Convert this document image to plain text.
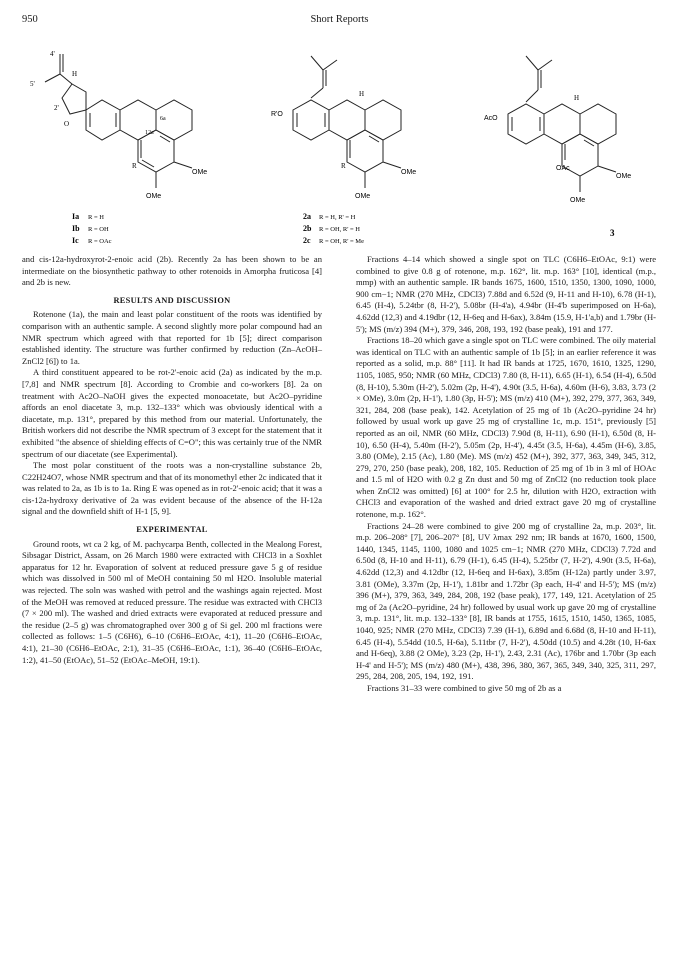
950	Short Reports
5'
4'
H
O
2'
6a
12a
R
OMe
OMe
Ia R = H
Ib R = OH
Ic R = OAc
R'O
H
R
OMe
OMe
2a R = H, R' = H
2b R = OH, R' = H
2c R = OH, R' = Me
AcO
H
OAc
OMe
OMe
3

and cis-12a-hydroxyrot-2-enoic acid (2b). Recently 2a has been shown to be an intermediate on the biosynthetic pathway to other rotenoids in Amorpha fruticosa [4] and 2b is new.

RESULTS AND DISCUSSION

Rotenone (1a), the main and least polar constituent of the roots was identified by comparison with an authentic sample. A second slightly more polar compound had an NMR spectrum which agreed with that reported for 1b [5]; direct comparison established identity. The structure was further confirmed by reduction (Zn–AcOH–ZnCl2 [6]) to 1a.

A third constituent appeared to be rot-2'-enoic acid (2a) as indicated by the m.p. [7,8] and NMR spectrum [8]. According to Crombie and co-workers [8]. 2a on treatment with Ac2O–NaOH gives the expected monoacetate, but Ac2O–pyridine affords an enol diacetate 3, m.p. 132–133° which was obviously identical with a diacetate, m.p. 131°, prepared by this method from our material. Unfortunately, the British workers did not describe the NMR spectrum of 3 except for the statement that it exhibited "the absence of shielding effects of C=O"; this was certainly true of the NMR spectrum of our diacetate (see Experimental).

The most polar constituent of the roots was a non-crystalline substance 2b, C22H24O7, whose NMR spectrum and that of its monomethyl ether 2c indicated that it was related to 2a, as 1b is to 1a. Ring E was opened as in rot-2'-enoic acid; that it was a cis-12a-hydroxy derivative of 2a was evident because of the absence of the H-12a signal and the downfield shift of H-1 [5, 9].

EXPERIMENTAL

Ground roots, wt ca 2 kg, of M. pachycarpa Benth, collected in the Mealong Forest, Sibsagar District, Assam, on 26 March 1980 were extracted with CHCl3 in a Soxhlet apparatus for 12 hr. Evaporation of solvent at reduced pressure gave 5 g of residue which was dissolved in 500 ml of MeOH containing 50 ml H2O. Insoluble material was rejected. The soln was washed with petrol and the washings again rejected. Most of the MeOH was removed at reduced pressure. The residue was extracted with CHCl3 (7 × 200 ml). The washed and dried extracts were evaporated at reduced pressure and the residue (2–5 g) was chromatographed over 300 g of Si gel. 200 ml fractions were collected as follows: 1–5 (C6H6), 6–10 (C6H6–EtOAc, 4:1), 11–20 (C6H6–EtOAc, 4:1), 21–30 (C6H6–EtOAc, 2:1), 31–35 (C6H6–EtOAc, 1:1), 36–40 (C6H6–EtOAc, 1:2), 41–50 (EtOAc), 51–52 (EtOAc–MeOH, 19:1).

Fractions 4–14 which showed a single spot on TLC (C6H6–EtOAc, 9:1) were combined to give 0.8 g of rotenone, m.p. 162°, lit. m.p. 163° [10], identical (m.p., mmp) with an authentic sample. IR bands 1675, 1600, 1510, 1350, 1300, 1090, 1000, 900 cm−1; NMR (270 MHz, CDCl3) 7.88d and 6.52d (9, H-11 and H-10), 6.78 (H-1), 6.45 (H-4), 5.24tbr (8, H-2'), 5.08br (H-4'a), 4.94br (H-4'b superimposed on H-6a), 4.62dd (12,3) and 4.19dbr (12, H-6eq and H-6ax), 3.84m (15.9, H-1'a,b) and 1.79br (H-5'); MS (m/z) 394 (M+), 379, 346, 208, 193, 192 (base peak), 191 and 177.

Fractions 18–20 which gave a single spot on TLC were combined. The oily material was identical on TLC with an authentic sample of 1b [5]; in an earlier reference it was reported as a solid, m.p. 88° [11]. It had IR bands at 1725, 1670, 1610, 1325, 1290, 1105, 1085, 950; NMR (60 MHz, CDCl3) 7.80 (8, H-11), 6.65 (H-1), 6.54 (H-4), 6.50d (8, H-10), 5.30m (H-2'), 5.02m (2p, H-4'), 4.90t (3.5, H-6a), 4.60m (H-6), 3.83, 3.73 (2 × OMe), 3.0m (2p, H-1'), 1.80 (3p, H-5'); MS (m/z) 410 (M+), 392, 279, 377, 363, 349, 321, 284, 208 (base peak), 142. Acetylation of 25 mg of 1b (Ac2O–pyridine 24 hr) followed by usual work up gave 25 mg of crystalline 1c, m.p. 151°, previously [5] reported as an oil, NMR (60 MHz, CDCl3) 7.90d (8, H-11), 6.90 (H-1), 6.50d (8, H-10), 6.50 (H-4), 5.40m (H-2'), 5.05m (2p, H-4'), 4.45t (3.5, H-6a), 4.45m (H-6), 3.85, 3.80 (OMe), 2.15 (Ac), 1.80 (Me). MS (m/z) 452 (M+), 392, 377, 363, 349, 345, 312, 279, 270, 250 (base peak), 208, 182, 105. Reduction of 25 mg of 1b in 3 ml of HOAc and 1.5 ml of H2O with 0.2 g Zn dust and 50 mg of ZnCl2 (no reduction took place when ZnCl2 was omitted) [6] at 100° for 2.5 hr, dilution with H2O, extraction with CHCl3 and evaporation of the washed and dried extract gave 20 mg of crystalline rotenone, m.p. 162°.

Fractions 24–28 were combined to give 200 mg of crystalline 2a, m.p. 203°, lit. m.p. 206–208° [7], 206–207° [8], UV λmax 292 nm; IR bands at 1670, 1600, 1500, 1440, 1345, 1145, 1100, 1080 and 1025 cm−1; NMR (270 MHz, CDCl3) 7.72d and 6.50d (8, H-10 and H-11), 6.79 (H-1), 6.45 (H-4), 5.25tbr (7, H-2'), 4.90t (3.5, H-6a), 4.62dd (12,3) and 4.12dbr (12, H-6eq and H-6ax), 3.85m (H-12a) partly under 3.97, 3.81 (OMe), 3.37m (2p, H-1'), 1.81br and 1.72br (3p each, H-4' and H-5'); MS (m/z) 396 (M+), 379, 363, 349, 284, 208, 192 (base peak), 177, 149, 121. Acetylation of 25 mg of 2a (Ac2O–pyridine, 24 hr) followed by usual work up gave 20 mg of crystalline 3, m.p. 131°, lit. m.p. 132–133° [8], IR bands at 1755, 1615, 1510, 1450, 1365, 1085, 1040, 925; NMR (270 MHz, CDCl3) 7.39 (H-1), 6.89d and 6.68d (8, H-10 and H-11), 6.45 (H-4), 5.54dd (10.5, H-6a), 5.11tbr (7, H-2'), 4.50dd (10.5) and 4.28t (10, H-6ax and H-6eq), 3.88 (2 OMe), 3.23 (2p, H-1'), 2.43, 2.31 (Ac), 176br and 1.70br (3p each H-4' and H-5'); MS (m/z) 480 (M+), 438, 396, 380, 367, 365, 349, 340, 325, 311, 297, 295, 284, 208, 205, 194, 192, 191.

Fractions 31–33 were combined to give 50 mg of 2b as a
